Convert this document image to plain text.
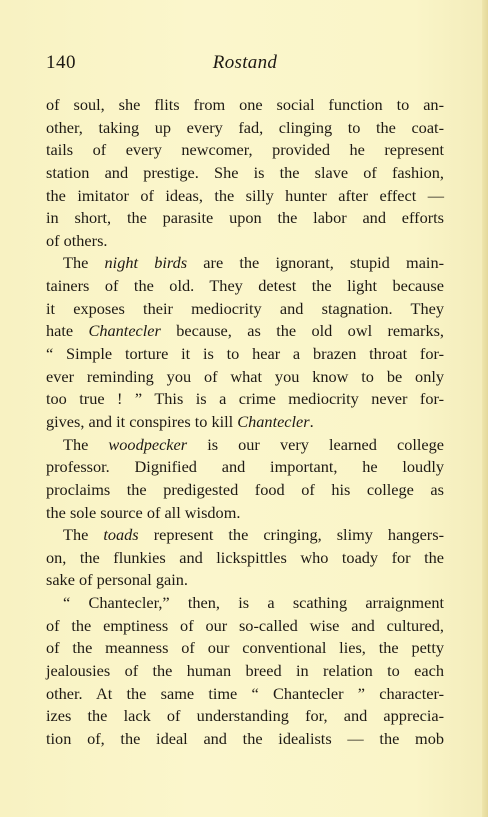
140	Rostand
of soul, she flits from one social function to an-
other, taking up every fad, clinging to the coat-
tails of every newcomer, provided he represent
station and prestige. She is the slave of fashion,
the imitator of ideas, the silly hunter after effect —
in short, the parasite upon the labor and efforts
of others.
The night birds are the ignorant, stupid main-
tainers of the old. They detest the light because
it exposes their mediocrity and stagnation. They
hate Chantecler because, as the old owl remarks,
“ Simple torture it is to hear a brazen throat for-
ever reminding you of what you know to be only
too true ! ” This is a crime mediocrity never for-
gives, and it conspires to kill Chantecler.
The woodpecker is our very learned college
professor. Dignified and important, he loudly
proclaims the predigested food of his college as
the sole source of all wisdom.
The toads represent the cringing, slimy hangers-
on, the flunkies and lickspittles who toady for the
sake of personal gain.
“ Chantecler,” then, is a scathing arraignment
of the emptiness of our so-called wise and cultured,
of the meanness of our conventional lies, the petty
jealousies of the human breed in relation to each
other. At the same time “ Chantecler ” character-
izes the lack of understanding for, and apprecia-
tion of, the ideal and the idealists — the mob
